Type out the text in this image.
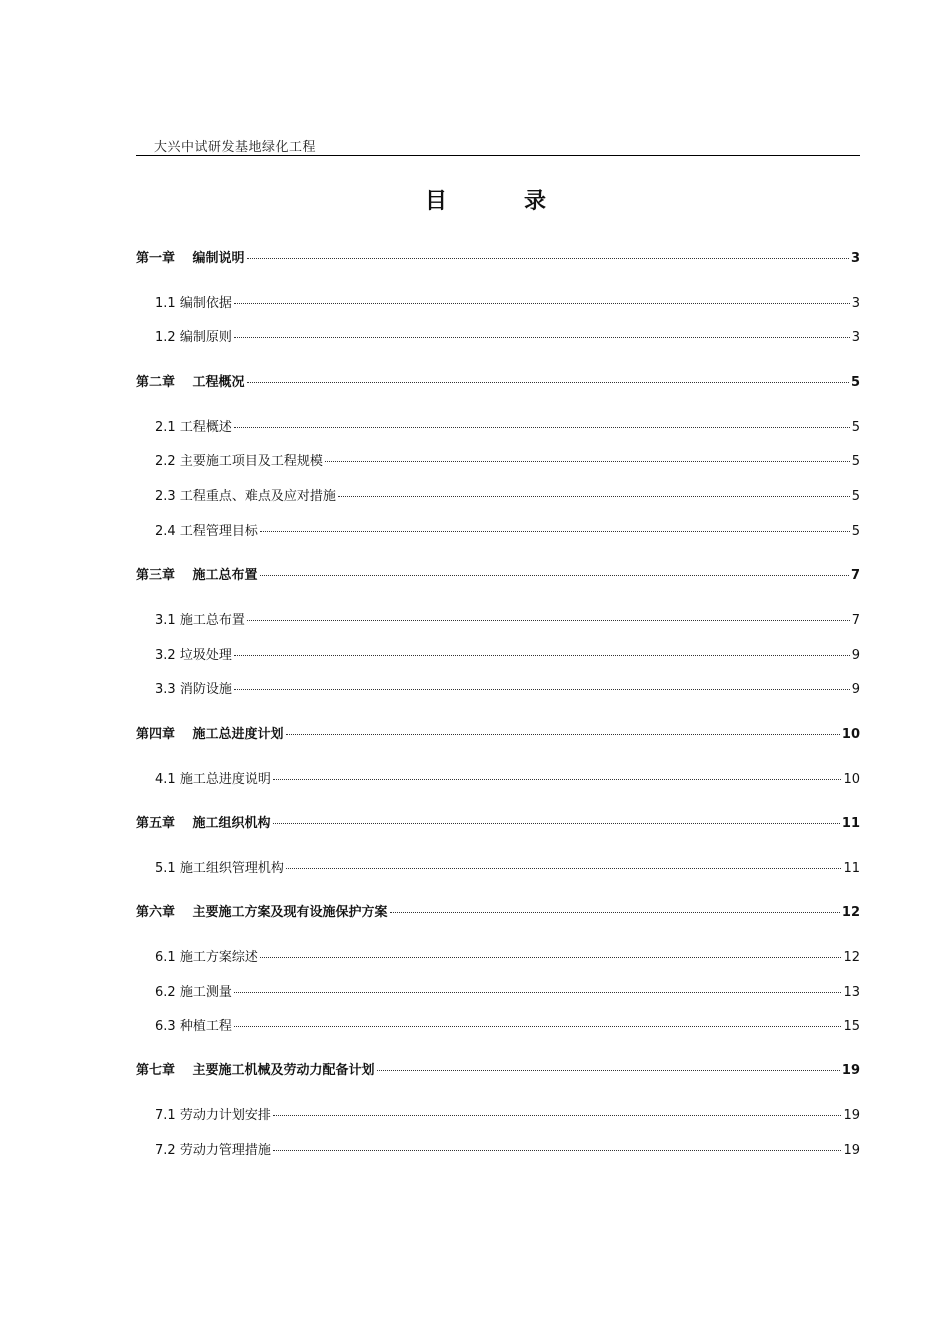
大兴中试研发基地绿化工程
目	录
第一章　 编制说明	3
1.1 编制依据	3
1.2 编制原则	3
第二章　 工程概况	5
2.1 工程概述	5
2.2 主要施工项目及工程规模	5
2.3 工程重点、难点及应对措施	5
2.4 工程管理目标	5
第三章　 施工总布置	7
3.1 施工总布置	7
3.2 垃圾处理	9
3.3 消防设施	9
第四章　 施工总进度计划	10
4.1 施工总进度说明	10
第五章　 施工组织机构	11
5.1 施工组织管理机构	11
第六章　 主要施工方案及现有设施保护方案	12
6.1 施工方案综述	12
6.2 施工测量	13
6.3 种植工程	15
第七章　 主要施工机械及劳动力配备计划	19
7.1 劳动力计划安排	19
7.2 劳动力管理措施	19
